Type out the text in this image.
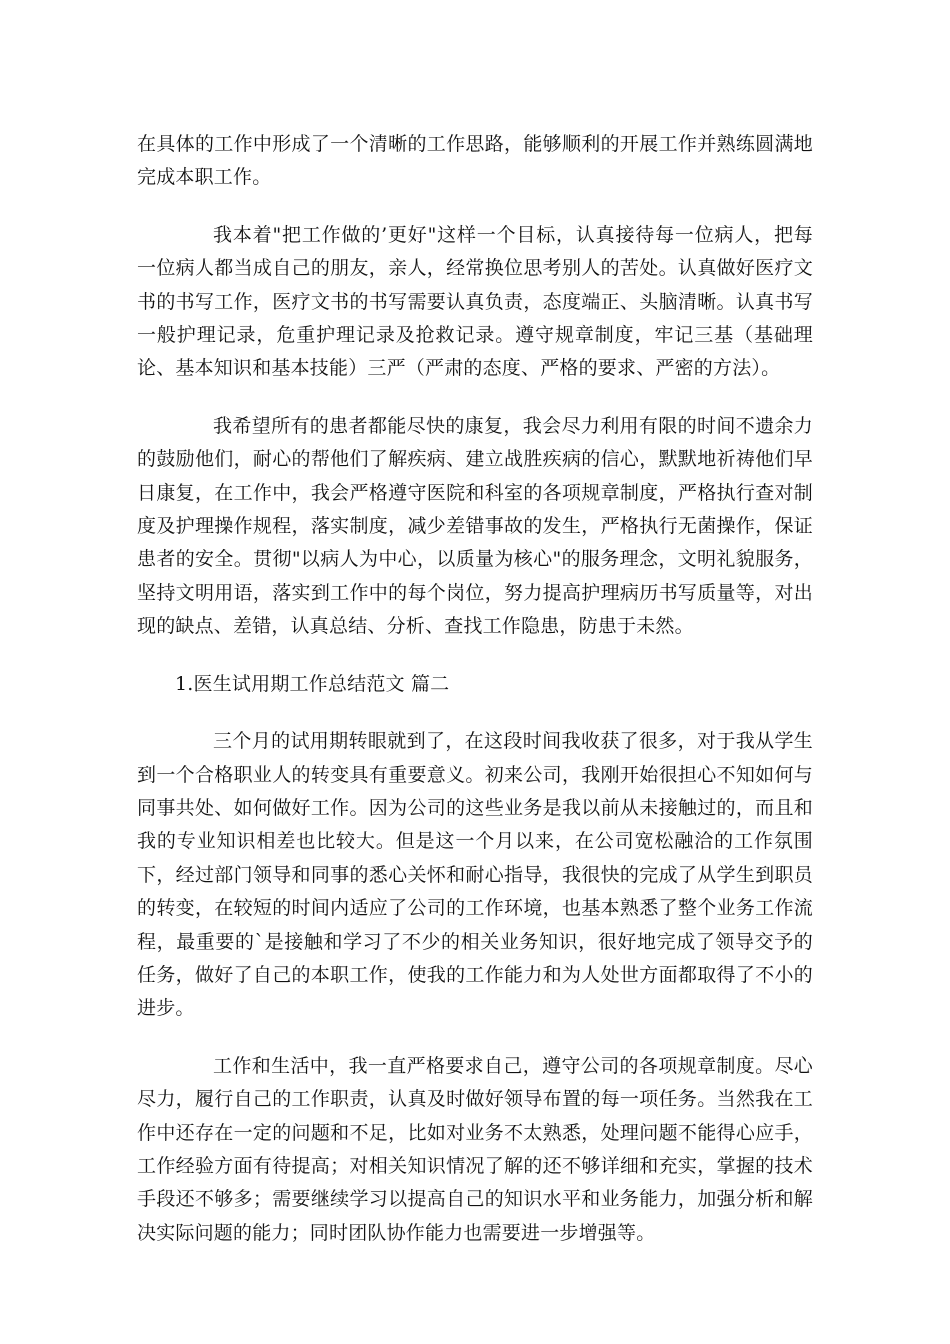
在具体的工作中形成了一个清晰的工作思路，能够顺利的开展工作并熟练圆满地完成本职工作。

我本着"把工作做的’更好"这样一个目标，认真接待每一位病人，把每一位病人都当成自己的朋友，亲人，经常换位思考别人的苦处。认真做好医疗文书的书写工作，医疗文书的书写需要认真负责，态度端正、头脑清晰。认真书写一般护理记录，危重护理记录及抢救记录。遵守规章制度，牢记三基（基础理论、基本知识和基本技能）三严（严肃的态度、严格的要求、严密的方法）。

我希望所有的患者都能尽快的康复，我会尽力利用有限的时间不遗余力的鼓励他们，耐心的帮他们了解疾病、建立战胜疾病的信心，默默地祈祷他们早日康复，在工作中，我会严格遵守医院和科室的各项规章制度，严格执行查对制度及护理操作规程，落实制度，减少差错事故的发生，严格执行无菌操作，保证患者的安全。贯彻"以病人为中心，以质量为核心"的服务理念，文明礼貌服务，坚持文明用语，落实到工作中的每个岗位，努力提高护理病历书写质量等，对出现的缺点、差错，认真总结、分析、查找工作隐患，防患于未然。

1.医生试用期工作总结范文 篇二

三个月的试用期转眼就到了，在这段时间我收获了很多，对于我从学生到一个合格职业人的转变具有重要意义。初来公司，我刚开始很担心不知如何与同事共处、如何做好工作。因为公司的这些业务是我以前从未接触过的，而且和我的专业知识相差也比较大。但是这一个月以来，在公司宽松融洽的工作氛围下，经过部门领导和同事的悉心关怀和耐心指导，我很快的完成了从学生到职员的转变，在较短的时间内适应了公司的工作环境，也基本熟悉了整个业务工作流程，最重要的`是接触和学习了不少的相关业务知识，很好地完成了领导交予的任务，做好了自己的本职工作，使我的工作能力和为人处世方面都取得了不小的进步。

工作和生活中，我一直严格要求自己，遵守公司的各项规章制度。尽心尽力，履行自己的工作职责，认真及时做好领导布置的每一项任务。当然我在工作中还存在一定的问题和不足，比如对业务不太熟悉，处理问题不能得心应手，工作经验方面有待提高；对相关知识情况了解的还不够详细和充实，掌握的技术手段还不够多；需要继续学习以提高自己的知识水平和业务能力，加强分析和解决实际问题的能力；同时团队协作能力也需要进一步增强等。
